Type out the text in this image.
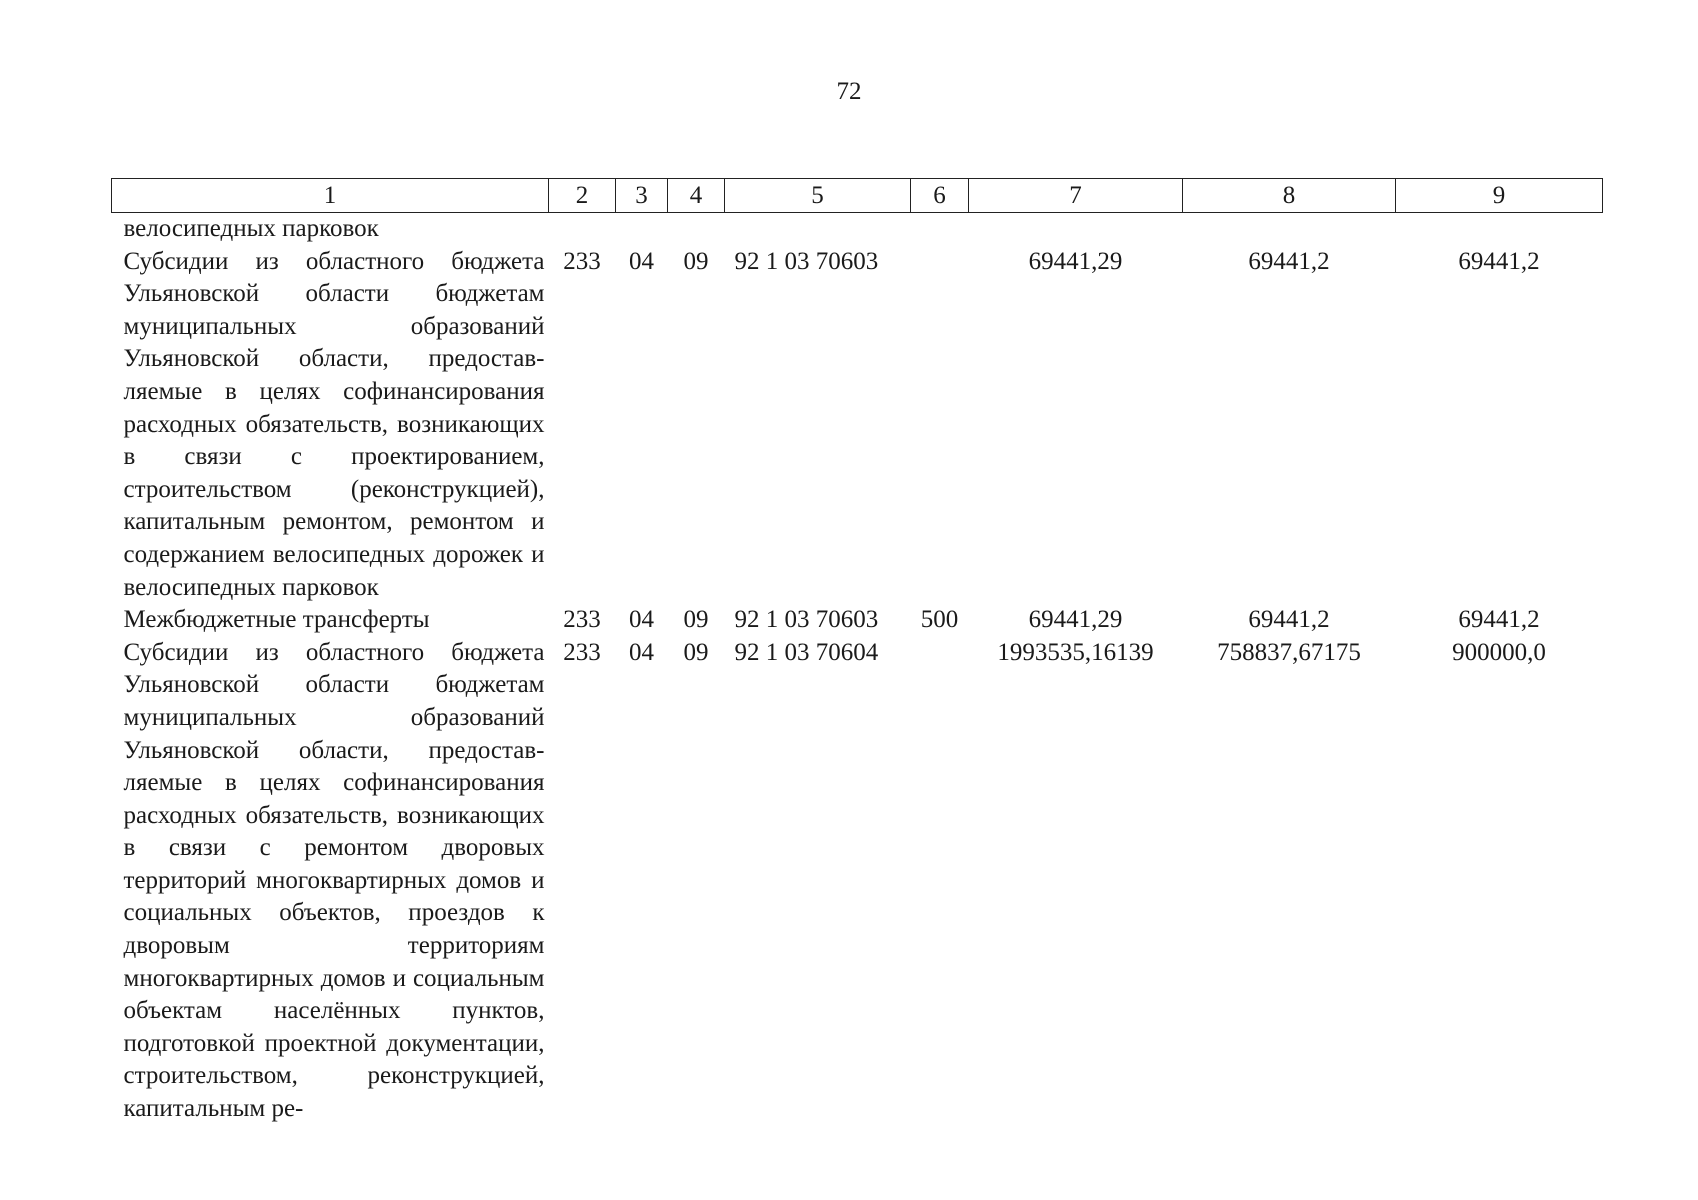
72
1	2	3	4	5	6	7	8	9
велосипедных парковок								
Субсидии из областного бюджета Ульяновской области бюджетам муниципальных образований Ульяновской области, предоставляемые в целях софинансирования расходных обязательств, возникающих в связи с проектированием, строительством (реконструкцией), капитальным ремонтом, ремонтом и содержанием велосипедных дорожек и велосипедных парковок	233	04	09	92 1 03 70603		69441,29	69441,2	69441,2
Межбюджетные трансферты	233	04	09	92 1 03 70603	500	69441,29	69441,2	69441,2
Субсидии из областного бюджета Ульяновской области бюджетам муниципальных образований Ульяновской области, предоставляемые в целях софинансирования расходных обязательств, возникающих в связи с ремонтом дворовых территорий многоквартирных домов и социальных объектов, проездов к дворовым территориям многоквартирных домов и социальным объектам населённых пунктов, подготовкой проектной документации, строительством, реконструкцией, капитальным ре-	233	04	09	92 1 03 70604		1993535,16139	758837,67175	900000,0
